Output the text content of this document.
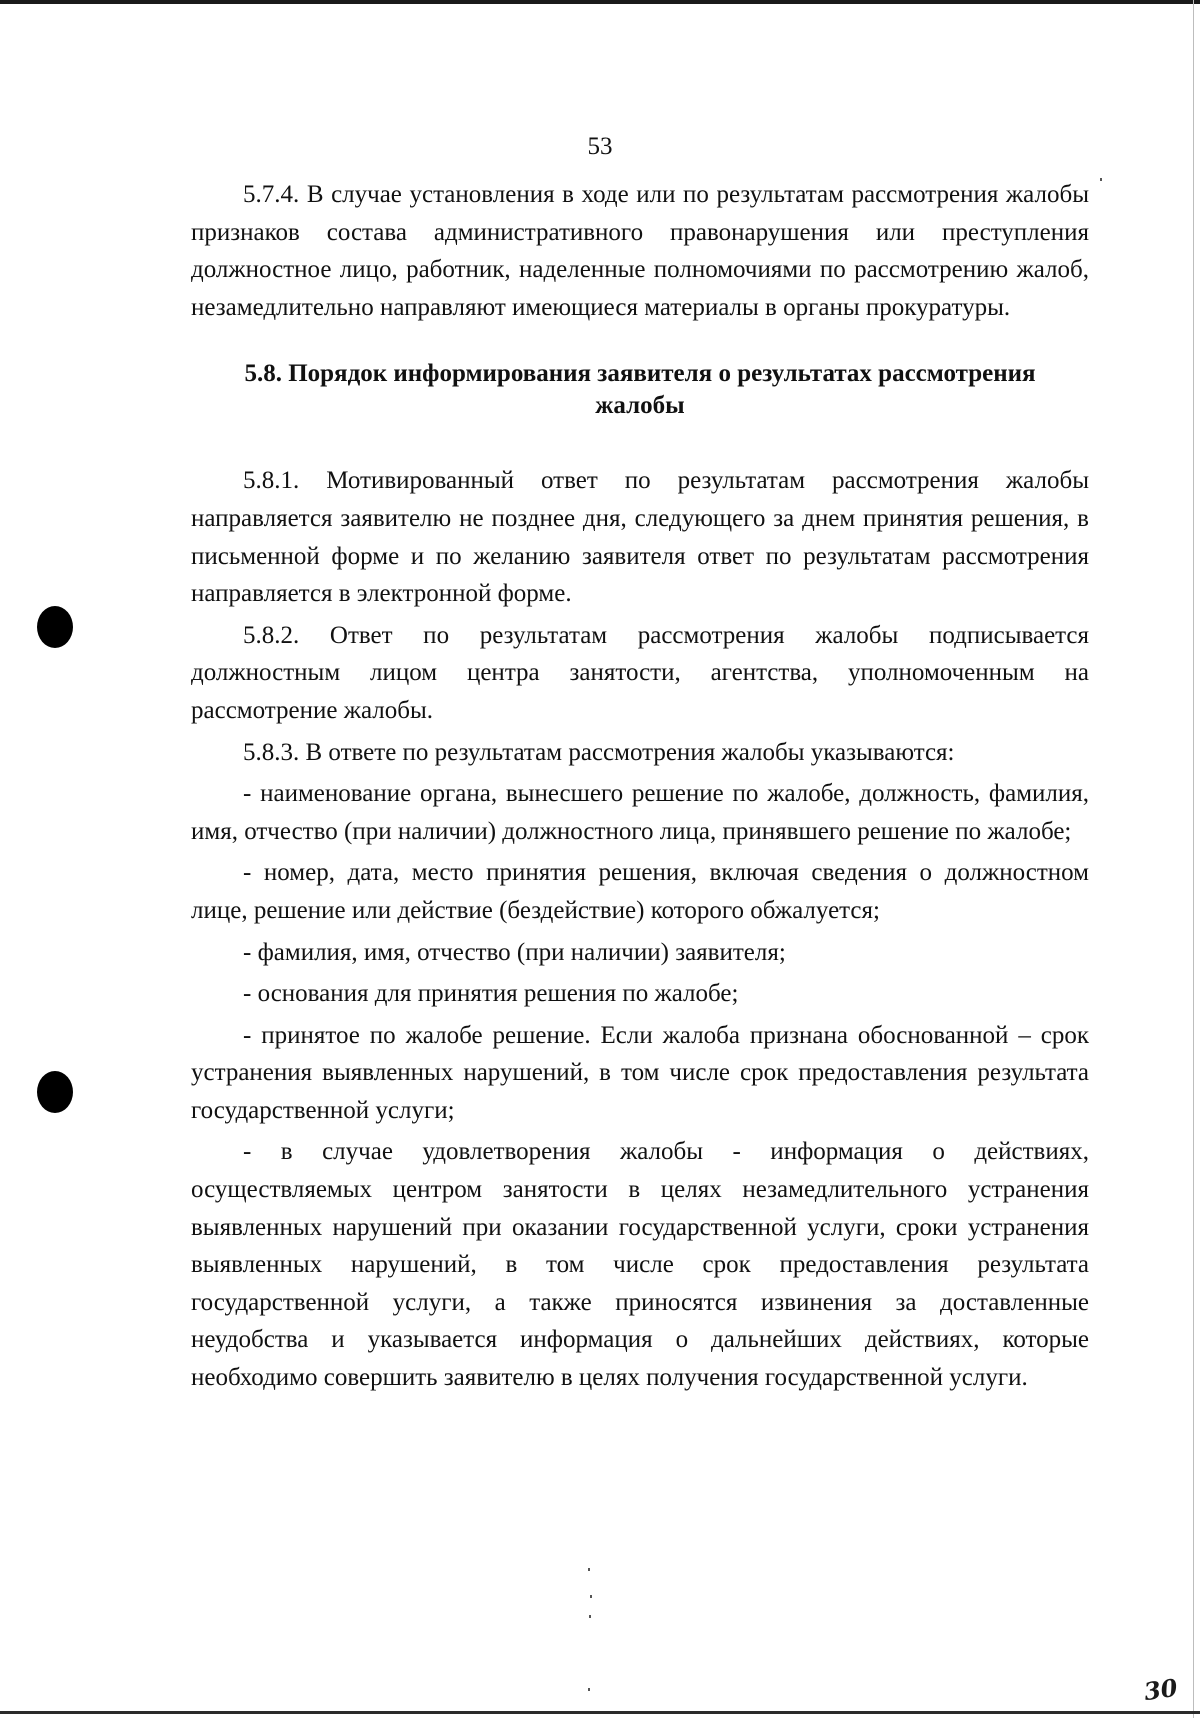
53

5.7.4. В случае установления в ходе или по результатам рассмотрения жалобы признаков состава административного правонарушения или преступления должностное лицо, работник, наделенные полномочиями по рассмотрению жалоб, незамедлительно направляют имеющиеся материалы в органы прокуратуры.

5.8. Порядок информирования заявителя о результатах рассмотрения
жалобы

5.8.1. Мотивированный ответ по результатам рассмотрения жалобы направляется заявителю не позднее дня, следующего за днем принятия решения, в письменной форме и по желанию заявителя ответ по результатам рассмотрения направляется в электронной форме.

5.8.2. Ответ по результатам рассмотрения жалобы подписывается должностным лицом центра занятости, агентства, уполномоченным на рассмотрение жалобы.

5.8.3. В ответе по результатам рассмотрения жалобы указываются:

- наименование органа, вынесшего решение по жалобе, должность, фамилия, имя, отчество (при наличии) должностного лица, принявшего решение по жалобе;

- номер, дата, место принятия решения, включая сведения о должностном лице, решение или действие (бездействие) которого обжалуется;

- фамилия, имя, отчество (при наличии) заявителя;

- основания для принятия решения по жалобе;

- принятое по жалобе решение. Если жалоба признана обоснованной – срок устранения выявленных нарушений, в том числе срок предоставления результата государственной услуги;

- в случае удовлетворения жалобы - информация о действиях, осуществляемых центром занятости в целях незамедлительного устранения выявленных нарушений при оказании государственной услуги, сроки устранения выявленных нарушений, в том числе срок предоставления результата государственной услуги, а также приносятся извинения за доставленные неудобства и указывается информация о дальнейших действиях, которые необходимо совершить заявителю в целях получения государственной услуги.

30
